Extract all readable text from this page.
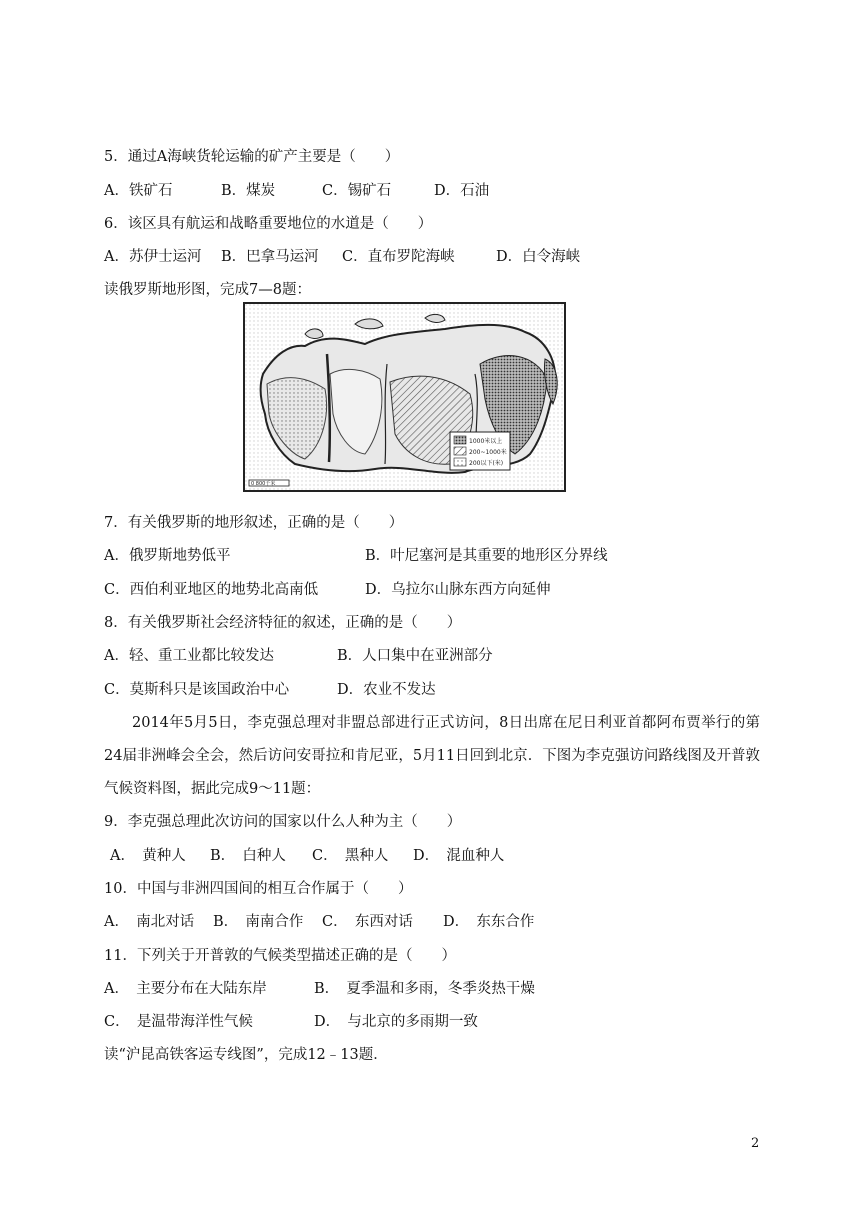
5．通过A海峡货轮运输的矿产主要是（　　）
A．铁矿石	B．煤炭	C．锡矿石	D．石油
6．该区具有航运和战略重要地位的水道是（　　）
A．苏伊士运河 B．巴拿马运河 C．直布罗陀海峡	D．白令海峡
读俄罗斯地形图，完成7—8题：
1000米以上
200~1000米
200以下(米)
0 800千米
7．有关俄罗斯的地形叙述，正确的是（　　）
A．俄罗斯地势低平	B．叶尼塞河是其重要的地形区分界线
C．西伯利亚地区的地势北高南低	D．乌拉尔山脉东西方向延伸
8．有关俄罗斯社会经济特征的叙述，正确的是（　　）
A．轻、重工业都比较发达	B．人口集中在亚洲部分
C．莫斯科只是该国政治中心	D．农业不发达
2014年5月5日，李克强总理对非盟总部进行正式访问，8日出席在尼日利亚首都阿布贾举行的第24届非洲峰会全会，然后访问安哥拉和肯尼亚，5月11日回到北京．下图为李克强访问路线图及开普敦气候资料图，据此完成9～11题：
9．李克强总理此次访问的国家以什么人种为主（　　）
A．　黄种人 B．　白种人 C．　黑种人 D．　混血种人
10．中国与非洲四国间的相互合作属于（　　）
A．　南北对话 B．　南南合作 C．　东西对话 D．　东东合作
11．下列关于开普敦的气候类型描述正确的是（　　）
A．　主要分布在大陆东岸	B．　夏季温和多雨，冬季炎热干燥
C．　是温带海洋性气候	D．　与北京的多雨期一致
读“沪昆高铁客运专线图”，完成12﹣13题．
2
